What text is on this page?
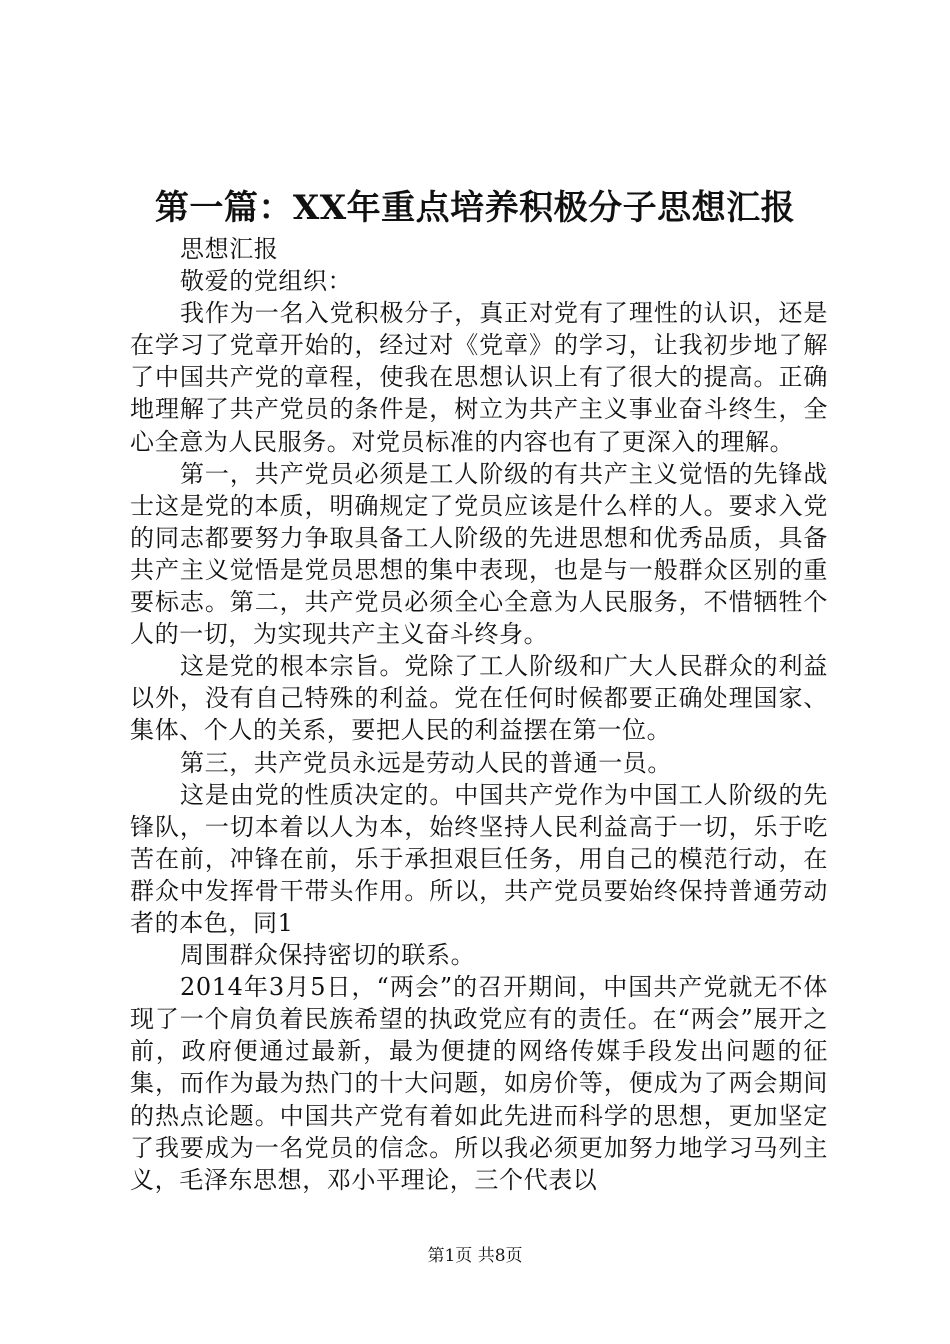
第一篇：XX年重点培养积极分子思想汇报

思想汇报

敬爱的党组织：

我作为一名入党积极分子，真正对党有了理性的认识，还是在学习了党章开始的，经过对《党章》的学习，让我初步地了解了中国共产党的章程，使我在思想认识上有了很大的提高。正确地理解了共产党员的条件是，树立为共产主义事业奋斗终生，全心全意为人民服务。对党员标准的内容也有了更深入的理解。

第一，共产党员必须是工人阶级的有共产主义觉悟的先锋战士这是党的本质，明确规定了党员应该是什么样的人。要求入党的同志都要努力争取具备工人阶级的先进思想和优秀品质，具备共产主义觉悟是党员思想的集中表现，也是与一般群众区别的重要标志。第二，共产党员必须全心全意为人民服务，不惜牺牲个人的一切，为实现共产主义奋斗终身。

这是党的根本宗旨。党除了工人阶级和广大人民群众的利益以外，没有自己特殊的利益。党在任何时候都要正确处理国家、集体、个人的关系，要把人民的利益摆在第一位。

第三，共产党员永远是劳动人民的普通一员。

这是由党的性质决定的。中国共产党作为中国工人阶级的先锋队，一切本着以人为本，始终坚持人民利益高于一切，乐于吃苦在前，冲锋在前，乐于承担艰巨任务，用自己的模范行动，在群众中发挥骨干带头作用。所以，共产党员要始终保持普通劳动者的本色，同1

周围群众保持密切的联系。

2014年3月5日，“两会”的召开期间，中国共产党就无不体现了一个肩负着民族希望的执政党应有的责任。在“两会”展开之前，政府便通过最新，最为便捷的网络传媒手段发出问题的征集，而作为最为热门的十大问题，如房价等，便成为了两会期间的热点论题。中国共产党有着如此先进而科学的思想，更加坚定了我要成为一名党员的信念。所以我必须更加努力地学习马列主义，毛泽东思想，邓小平理论，三个代表以

第1页 共8页
